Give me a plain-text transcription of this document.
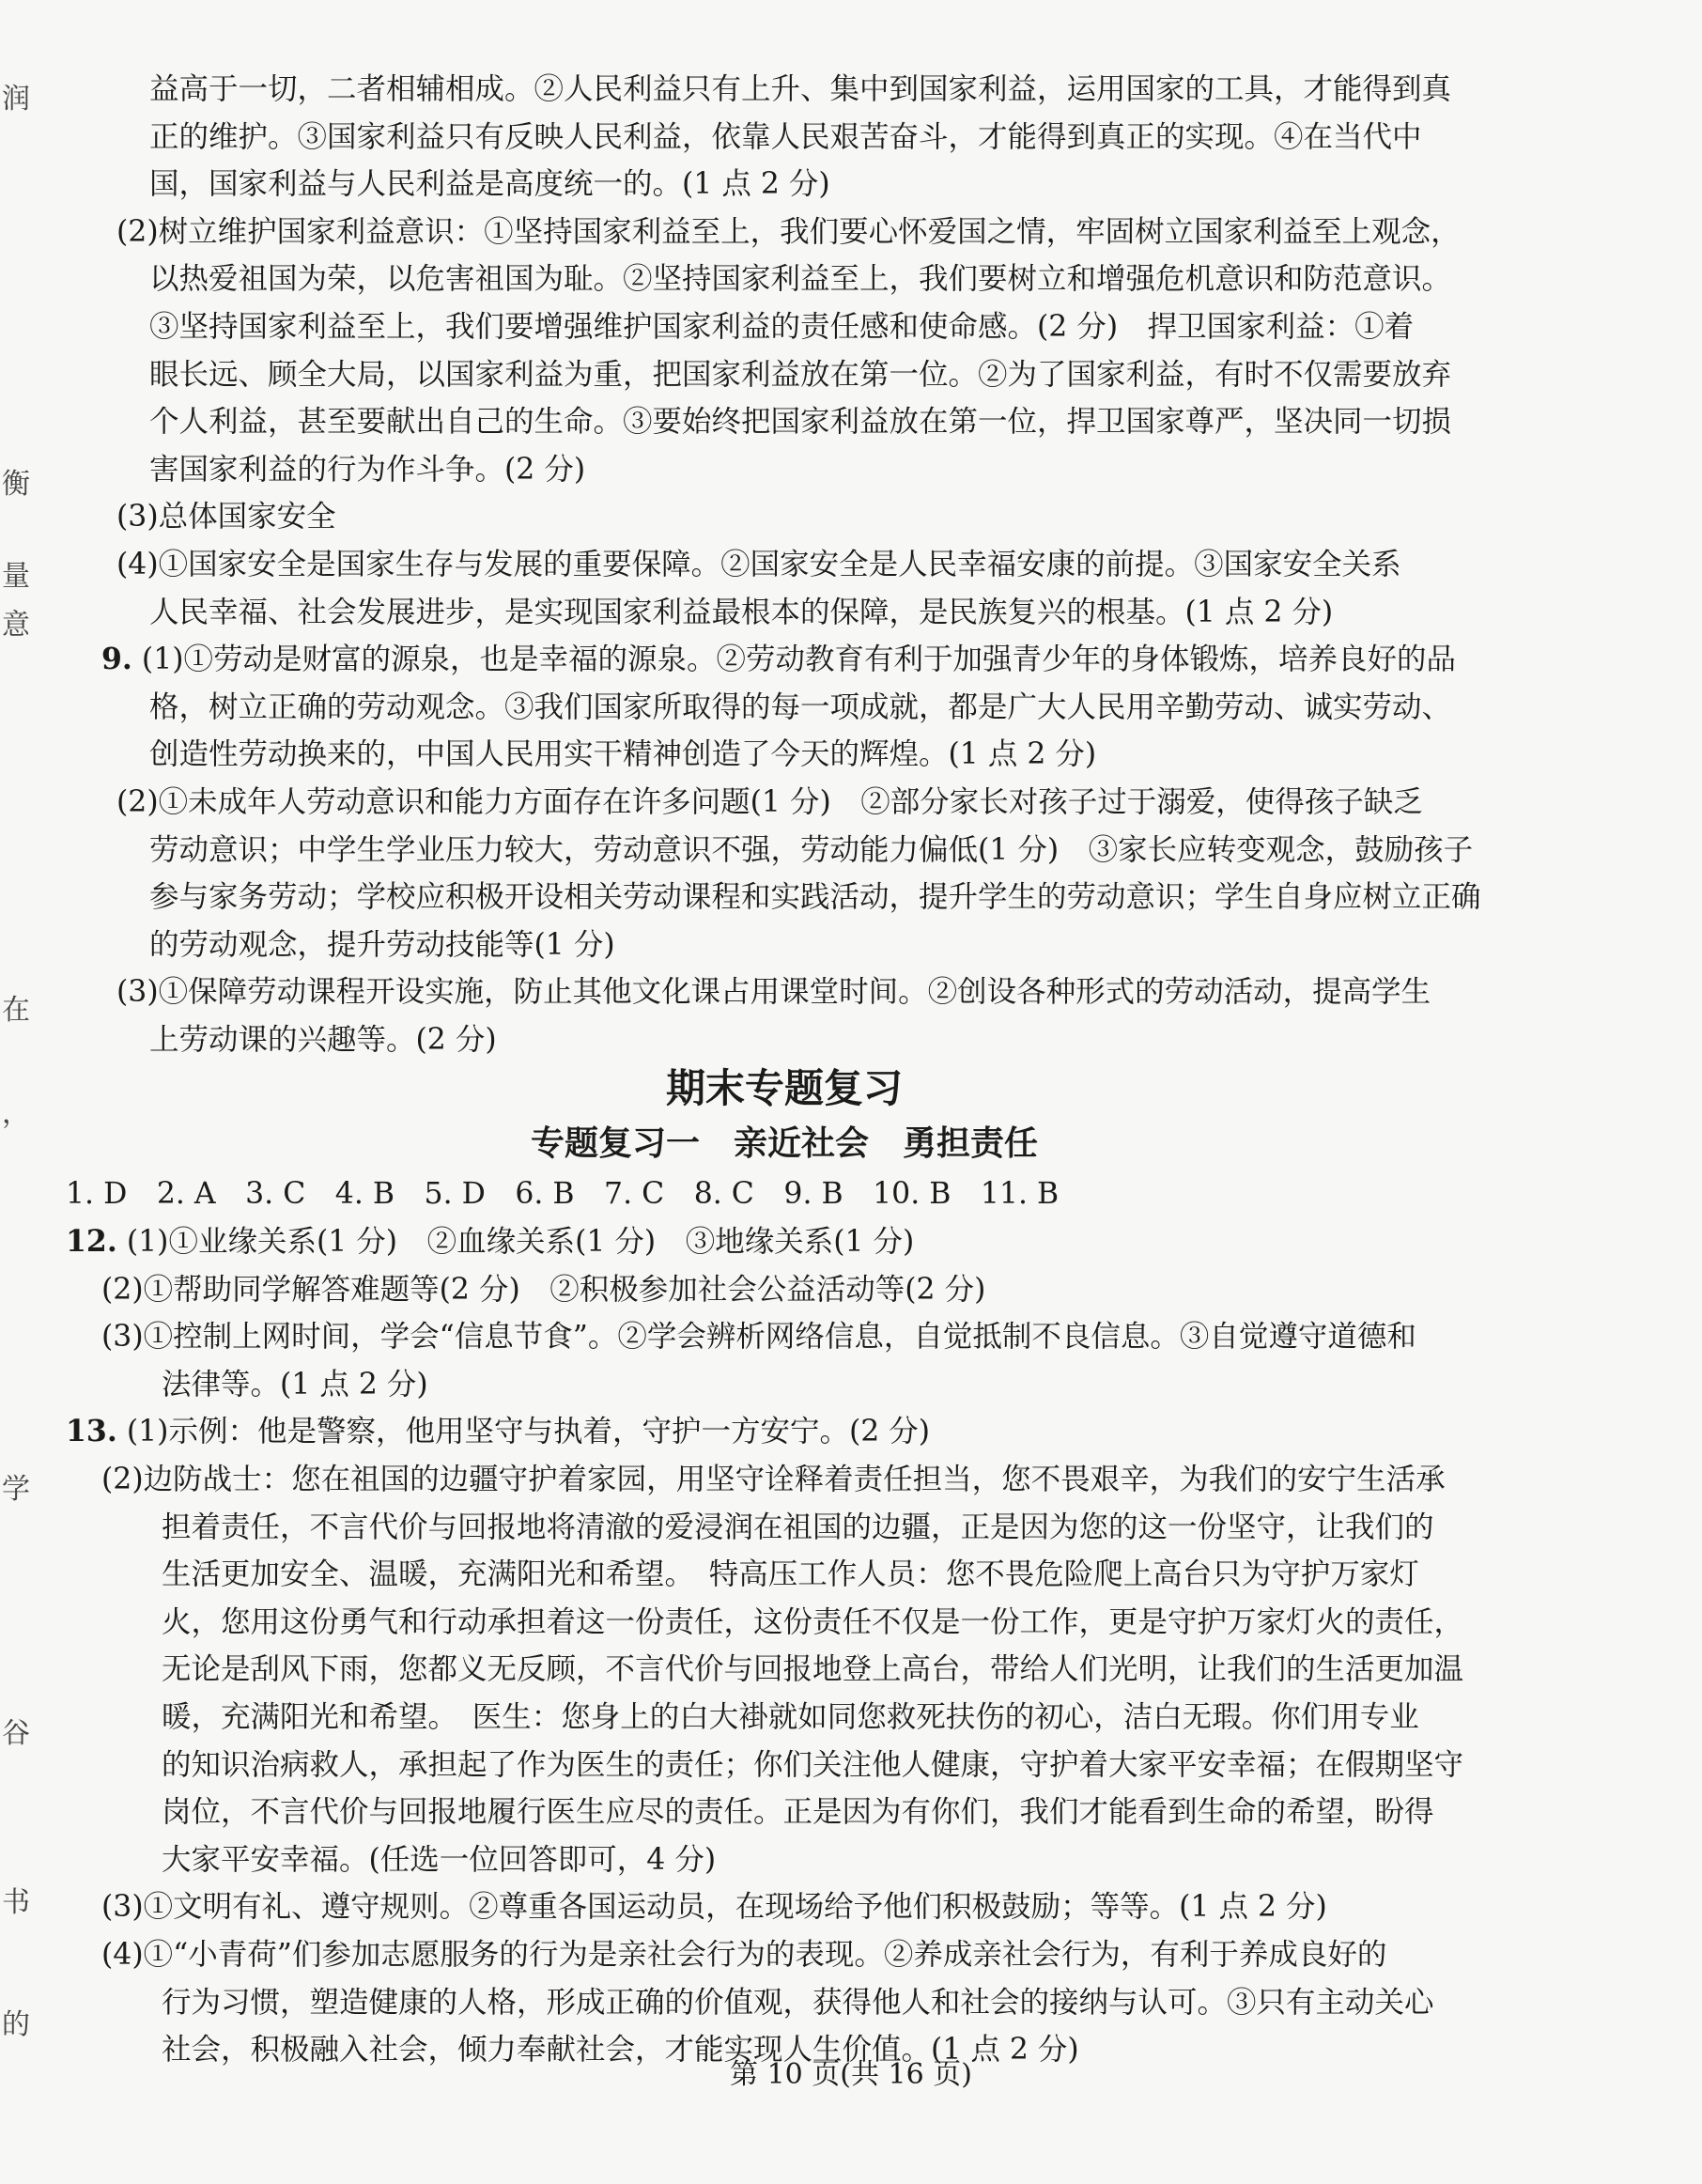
润
衡
量
意
在
，
学
谷
书
的
益高于一切，二者相辅相成。②人民利益只有上升、集中到国家利益，运用国家的工具，才能得到真
正的维护。③国家利益只有反映人民利益，依靠人民艰苦奋斗，才能得到真正的实现。④在当代中
国，国家利益与人民利益是高度统一的。(1 点 2 分)
(2)树立维护国家利益意识：①坚持国家利益至上，我们要心怀爱国之情，牢固树立国家利益至上观念，
以热爱祖国为荣，以危害祖国为耻。②坚持国家利益至上，我们要树立和增强危机意识和防范意识。
③坚持国家利益至上，我们要增强维护国家利益的责任感和使命感。(2 分)　捍卫国家利益：①着
眼长远、顾全大局，以国家利益为重，把国家利益放在第一位。②为了国家利益，有时不仅需要放弃
个人利益，甚至要献出自己的生命。③要始终把国家利益放在第一位，捍卫国家尊严，坚决同一切损
害国家利益的行为作斗争。(2 分)
(3)总体国家安全
(4)①国家安全是国家生存与发展的重要保障。②国家安全是人民幸福安康的前提。③国家安全关系
人民幸福、社会发展进步，是实现国家利益最根本的保障，是民族复兴的根基。(1 点 2 分)
9. (1)①劳动是财富的源泉，也是幸福的源泉。②劳动教育有利于加强青少年的身体锻炼，培养良好的品
格，树立正确的劳动观念。③我们国家所取得的每一项成就，都是广大人民用辛勤劳动、诚实劳动、
创造性劳动换来的，中国人民用实干精神创造了今天的辉煌。(1 点 2 分)
(2)①未成年人劳动意识和能力方面存在许多问题(1 分)　②部分家长对孩子过于溺爱，使得孩子缺乏
劳动意识；中学生学业压力较大，劳动意识不强，劳动能力偏低(1 分)　③家长应转变观念，鼓励孩子
参与家务劳动；学校应积极开设相关劳动课程和实践活动，提升学生的劳动意识；学生自身应树立正确
的劳动观念，提升劳动技能等(1 分)
(3)①保障劳动课程开设实施，防止其他文化课占用课堂时间。②创设各种形式的劳动活动，提高学生
上劳动课的兴趣等。(2 分)
期末专题复习
专题复习一　亲近社会　勇担责任
1. D　2. A　3. C　4. B　5. D　6. B　7. C　8. C　9. B　10. B　11. B
12. (1)①业缘关系(1 分)　②血缘关系(1 分)　③地缘关系(1 分)
(2)①帮助同学解答难题等(2 分)　②积极参加社会公益活动等(2 分)
(3)①控制上网时间，学会“信息节食”。②学会辨析网络信息，自觉抵制不良信息。③自觉遵守道德和
法律等。(1 点 2 分)
13. (1)示例：他是警察，他用坚守与执着，守护一方安宁。(2 分)
(2)边防战士：您在祖国的边疆守护着家园，用坚守诠释着责任担当，您不畏艰辛，为我们的安宁生活承
担着责任，不言代价与回报地将清澈的爱浸润在祖国的边疆，正是因为您的这一份坚守，让我们的
生活更加安全、温暖，充满阳光和希望。　特高压工作人员：您不畏危险爬上高台只为守护万家灯
火，您用这份勇气和行动承担着这一份责任，这份责任不仅是一份工作，更是守护万家灯火的责任，
无论是刮风下雨，您都义无反顾，不言代价与回报地登上高台，带给人们光明，让我们的生活更加温
暖，充满阳光和希望。　医生：您身上的白大褂就如同您救死扶伤的初心，洁白无瑕。你们用专业
的知识治病救人，承担起了作为医生的责任；你们关注他人健康，守护着大家平安幸福；在假期坚守
岗位，不言代价与回报地履行医生应尽的责任。正是因为有你们，我们才能看到生命的希望，盼得
大家平安幸福。(任选一位回答即可，4 分)
(3)①文明有礼、遵守规则。②尊重各国运动员，在现场给予他们积极鼓励；等等。(1 点 2 分)
(4)①“小青荷”们参加志愿服务的行为是亲社会行为的表现。②养成亲社会行为，有利于养成良好的
行为习惯，塑造健康的人格，形成正确的价值观，获得他人和社会的接纳与认可。③只有主动关心
社会，积极融入社会，倾力奉献社会，才能实现人生价值。(1 点 2 分)
第 10 页(共 16 页)
